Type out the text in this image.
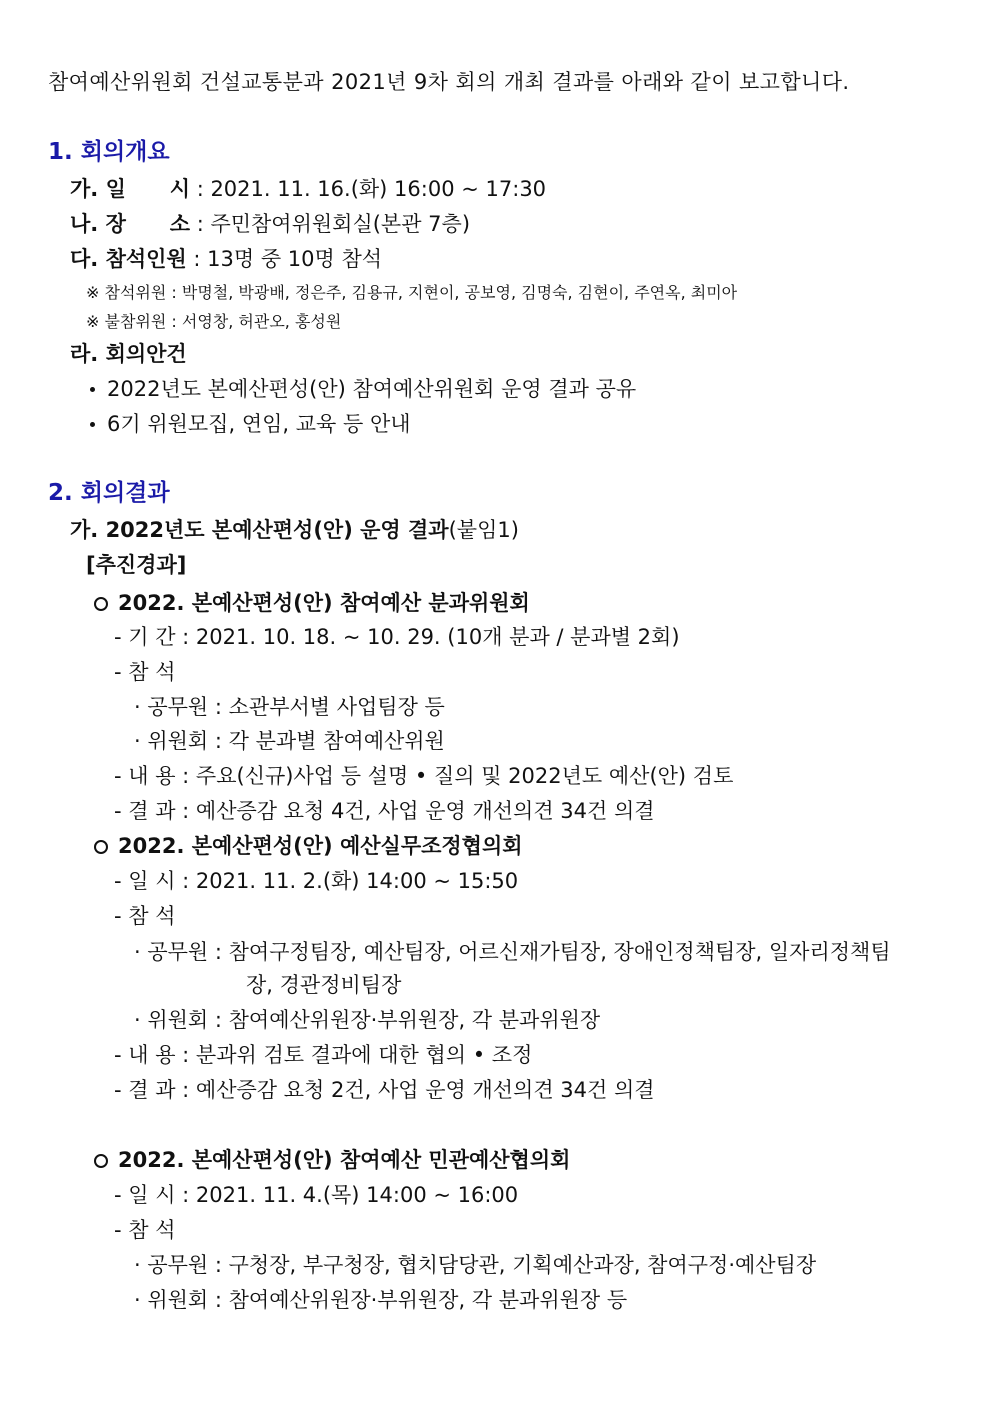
참여예산위원회 건설교통분과 2021년 9차 회의 개최 결과를 아래와 같이 보고합니다.
1. 회의개요
가. 일      시 : 2021. 11. 16.(화) 16:00 ~ 17:30
나. 장      소 : 주민참여위원회실(본관 7층)
다. 참석인원 : 13명 중 10명 참석
※ 참석위원 : 박명철, 박광배, 정은주, 김용규, 지현이, 공보영, 김명숙, 김현이, 주연옥, 최미아
※ 불참위원 : 서영창, 허관오, 홍성원
라. 회의안건
2022년도 본예산편성(안) 참여예산위원회 운영 결과 공유
6기 위원모집, 연임, 교육 등 안내
2. 회의결과
가. 2022년도 본예산편성(안) 운영 결과(붙임1)
[추진경과]
2022. 본예산편성(안) 참여예산 분과위원회
- 기 간 : 2021. 10. 18. ~ 10. 29. (10개 분과 / 분과별 2회)
- 참 석
· 공무원 : 소관부서별 사업팀장 등
· 위원회 : 각 분과별 참여예산위원
- 내 용 : 주요(신규)사업 등 설명 • 질의 및 2022년도 예산(안) 검토
- 결 과 : 예산증감 요청 4건, 사업 운영 개선의견 34건 의결
2022. 본예산편성(안) 예산실무조정협의회
- 일 시 : 2021. 11. 2.(화) 14:00 ~ 15:50
- 참 석
· 공무원 : 참여구정팀장, 예산팀장, 어르신재가팀장, 장애인정책팀장, 일자리정책팀
장, 경관정비팀장
· 위원회 : 참여예산위원장·부위원장, 각 분과위원장
- 내 용 : 분과위 검토 결과에 대한 협의 • 조정
- 결 과 : 예산증감 요청 2건, 사업 운영 개선의견 34건 의결
2022. 본예산편성(안) 참여예산 민관예산협의회
- 일 시 : 2021. 11. 4.(목) 14:00 ~ 16:00
- 참 석
· 공무원 : 구청장, 부구청장, 협치담당관, 기획예산과장, 참여구정·예산팀장
· 위원회 : 참여예산위원장·부위원장, 각 분과위원장 등
